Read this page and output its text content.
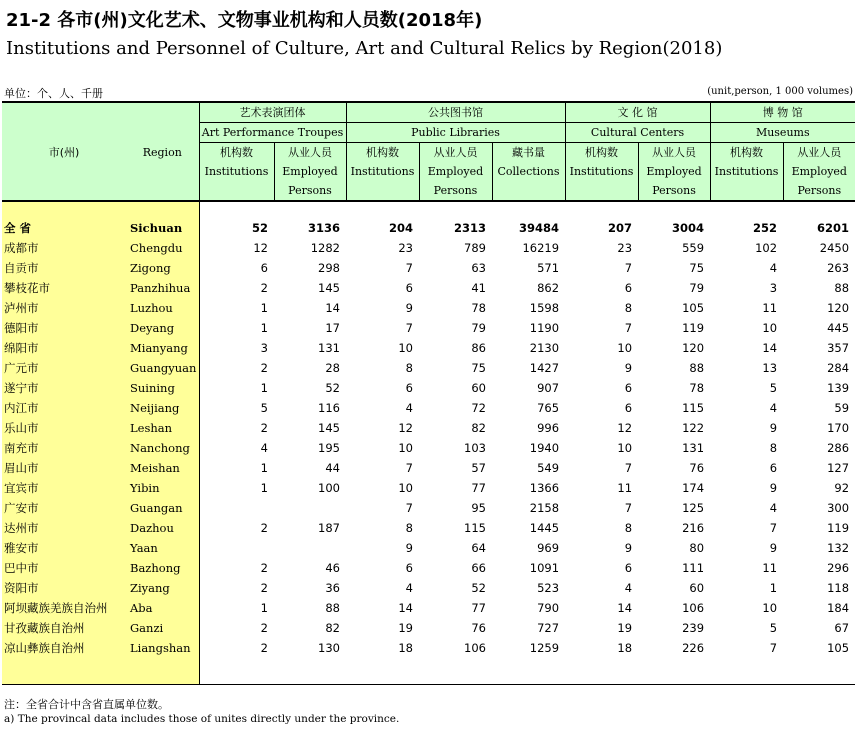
21-2 各市(州)文化艺术、文物事业机构和人员数(2018年)
Institutions and Personnel of Culture, Art and Cultural Relics by Region(2018)
单位：个、人、千册	(unit,person, 1 000 volumes)
		艺术表演团体		公共图书馆			文 化 馆		博 物 馆	
		Art Performance Troupes		Public Libraries			Cultural Centers		Museums	
市(州)	Region	机构数	从业人员	机构数	从业人员	藏书量	机构数	从业人员	机构数	从业人员
		Institutions	Employed	Institutions	Employed	Collections	Institutions	Employed	Institutions	Employed
			Persons		Persons			Persons		Persons

全 省	Sichuan	52	3136	204	2313	39484	207	3004	252	6201
成都市	Chengdu	12	1282	23	789	16219	23	559	102	2450
自贡市	Zigong	6	298	7	63	571	7	75	4	263
攀枝花市	Panzhihua	2	145	6	41	862	6	79	3	88
泸州市	Luzhou	1	14	9	78	1598	8	105	11	120
德阳市	Deyang	1	17	7	79	1190	7	119	10	445
绵阳市	Mianyang	3	131	10	86	2130	10	120	14	357
广元市	Guangyuan	2	28	8	75	1427	9	88	13	284
遂宁市	Suining	1	52	6	60	907	6	78	5	139
内江市	Neijiang	5	116	4	72	765	6	115	4	59
乐山市	Leshan	2	145	12	82	996	12	122	9	170
南充市	Nanchong	4	195	10	103	1940	10	131	8	286
眉山市	Meishan	1	44	7	57	549	7	76	6	127
宜宾市	Yibin	1	100	10	77	1366	11	174	9	92
广安市	Guangan			7	95	2158	7	125	4	300
达州市	Dazhou	2	187	8	115	1445	8	216	7	119
雅安市	Yaan			9	64	969	9	80	9	132
巴中市	Bazhong	2	46	6	66	1091	6	111	11	296
资阳市	Ziyang	2	36	4	52	523	4	60	1	118
阿坝藏族羌族自治州	Aba	1	88	14	77	790	14	106	10	184
甘孜藏族自治州	Ganzi	2	82	19	76	727	19	239	5	67
凉山彝族自治州	Liangshan	2	130	18	106	1259	18	226	7	105

注：全省合计中含省直属单位数。
a) The provincal data includes those of unites directly under the province.
